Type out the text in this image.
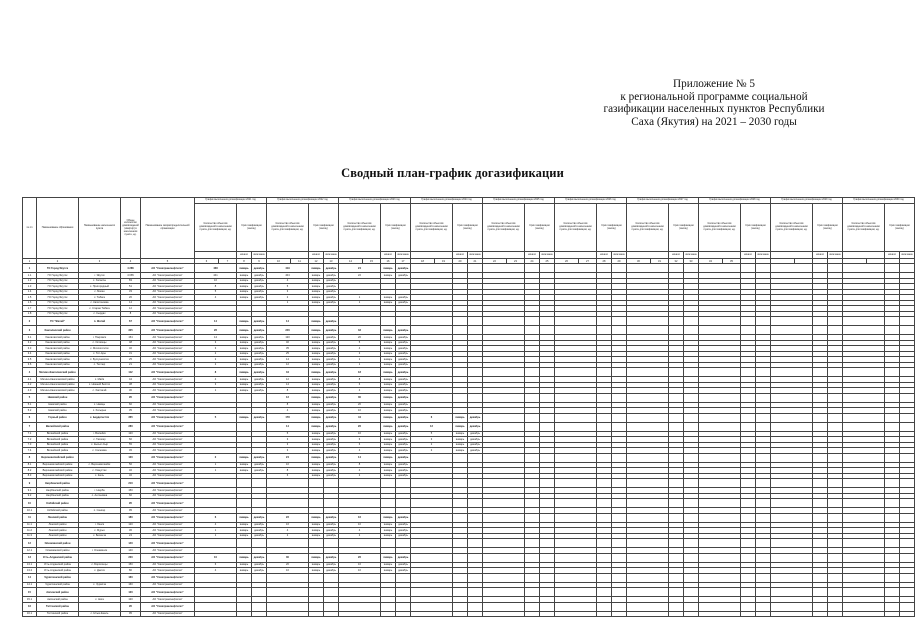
Приложение № 5
к региональной программе социальной
газификации населенных пунктов Республики
Саха (Якутия) на 2021 – 2030 годы
Сводный план-график догазификации
№ пп	Наименование образования	Наименование населенного пункта	Общее количество домовладений (квартир) в населенном пункте, ед.	Наименование газораспределительной организации	График выполнения догазификации 2021 год				График выполнения догазификации 2022 год				График выполнения догазификации 2023 год				График выполнения догазификации 2024 год				График выполнения догазификации 2025 год				График выполнения догазификации 2026 год				График выполнения догазификации 2027 год				График выполнения догазификации 2028 год				График выполнения догазификации 2029 год				График выполнения догазификации 2030 год			
					Количество объектов домовладений в населенном пункте для газификации, ед.		Срок газификации (месяц)		Количество объектов домовладений в населенном пункте для газификации, ед.		Срок газификации (месяц)		Количество объектов домовладений в населенном пункте для газификации, ед.		Срок газификации (месяц)		Количество объектов домовладений в населенном пункте для газификации, ед.		Срок газификации (месяц)		Количество объектов домовладений в населенном пункте для газификации, ед.		Срок газификации (месяц)		Количество объектов домовладений в населенном пункте для газификации, ед.		Срок газификации (месяц)		Количество объектов домовладений в населенном пункте для газификации, ед.		Срок газификации (месяц)		Количество объектов домовладений в населенном пункте для газификации, ед.		Срок газификации (месяц)		Количество объектов домовладений в населенном пункте для газификации, ед.		Срок газификации (месяц)		Количество объектов домовладений в населенном пункте для газификации, ед.		Срок газификации (месяц)	
							начало	окончание			начало	окончание			начало	окончание			начало	окончание			начало	окончание			начало	окончание			начало	окончание			начало	окончание			начало	окончание			начало	окончание
1	2	3	4	5	6	7	8	9	10	11	12	13	14	15	16	17	18	19	20	21	22	23	24	25	26	27	28	29	30	31	32	33	34	35										
1	ГО Город Якутск		4 286	АО "Сахатранснефтегаз"	468		январь	декабрь	419		январь	декабрь	24		январь	декабрь																												
1.1	ГО Город Якутск	г. Якутск	4 065	АО "Сахатранснефтегаз"	441		январь	декабрь	404		январь	декабрь	22		январь	декабрь																												
1.2	ГО Город Якутск	с. Хатассы	83	АО "Сахатранснефтегаз"	10		январь	декабрь	4		январь	декабрь																																
1.3	ГО Город Якутск	с. Пригородный	51	АО "Сахатранснефтегаз"	8		январь	декабрь	5		январь	декабрь																																
1.4	ГО Город Якутск	с. Маган	33	АО "Сахатранснефтегаз"	5		январь	декабрь	3		январь	декабрь																																
1.5	ГО Город Якутск	с. Табага	20	АО "Сахатранснефтегаз"	4		январь	декабрь	2		январь	декабрь	1		январь	декабрь																												
1.6	ГО Город Якутск	с. Капитоновка	14	АО "Сахатранснефтегаз"					1		январь	декабрь	1		январь	декабрь																												
1.7	ГО Город Якутск	с. Старая Табага	12	АО "Сахатранснефтегаз"																																								
1.8	ГО Город Якутск	с. Сырдах	8	АО "Сахатранснефтегаз"																																								
2	ГО "Жатай"	п. Жатай	67	АО "Сахатранснефтегаз"	14		январь	декабрь	14		январь	декабрь																																
3	Хангаласский район		325	АО "Сахатранснефтегаз"	26		январь	декабрь	246		январь	декабрь	33		январь	декабрь																												
3.1	Хангаласский район	г. Покровск	154	АО "Сахатранснефтегаз"	14		январь	декабрь	120		январь	декабрь	20		январь	декабрь																												
3.2	Хангаласский район	с. Октемцы	48	АО "Сахатранснефтегаз"	3		январь	декабрь	40		январь	декабрь	5		январь	декабрь																												
3.3	Хангаласский район	с. Мохсоголлох	46	АО "Сахатранснефтегаз"	3		январь	декабрь	35		январь	декабрь	4		январь	декабрь																												
3.4	Хангаласский район	с. Тит-Ары	31	АО "Сахатранснефтегаз"	2		январь	декабрь	25		январь	декабрь	2		январь	декабрь																												
3.5	Хангаласский район	с. Булгунняхтах	25	АО "Сахатранснефтегаз"	2		январь	декабрь	14		январь	декабрь	1		январь	декабрь																												
3.6	Хангаласский район	с. Техтюр	21	АО "Сахатранснефтегаз"	2		январь	декабрь	12		январь	декабрь	1		январь	декабрь																												
4	Мегино-Кангаласский район		112	АО "Сахатранснефтегаз"	8		январь	декабрь	34		январь	декабрь	18		январь	декабрь																												
4.1	Мегино-Кангаласский район	с. Майя	44	АО "Сахатранснефтегаз"	4		январь	декабрь	12		январь	декабрь	8		январь	декабрь																												
4.2	Мегино-Кангаласский район	с. Нижний Бестях	38	АО "Сахатранснефтегаз"	3		январь	декабрь	14		январь	декабрь	6		январь	декабрь																												
4.3	Мегино-Кангаласский район	с. Хаптагай	30	АО "Сахатранснефтегаз"	1		январь	декабрь	8		январь	декабрь	4		январь	декабрь																												
5	Намский район		95	АО "Сахатранснефтегаз"					12		январь	декабрь	30		январь	декабрь																												
5.1	Намский район	с. Намцы	60	АО "Сахатранснефтегаз"					8		январь	декабрь	20		январь	декабрь																												
5.2	Намский район	с. Хатырык	35	АО "Сахатранснефтегаз"					4		январь	декабрь	10		январь	декабрь																												
6	Горный район	с. Бердигестях	365	АО "Сахатранснефтегаз"	5		январь	декабрь	178		январь	декабрь	44		январь	декабрь	6		январь	декабрь																								
7	Вилюйский район		280	АО "Сахатранснефтегаз"					14		январь	декабрь	26		январь	декабрь	12		январь	декабрь																								
7.1	Вилюйский район	г. Вилюйск	120	АО "Сахатранснефтегаз"					5		январь	декабрь	10		январь	декабрь	5		январь	декабрь																								
7.2	Вилюйский район	с. Тасагар	60	АО "Сахатранснефтегаз"					3		январь	декабрь	6		январь	декабрь	3		январь	декабрь																								
7.3	Вилюйский район	с. Кысыл-Сыр	55	АО "Сахатранснефтегаз"					3		январь	декабрь	6		январь	декабрь	2		январь	декабрь																								
7.4	Вилюйский район	с. Сосновка	45	АО "Сахатранснефтегаз"					3		январь	декабрь	4		январь	декабрь	2		январь	декабрь																								
8	Верхневилюйский район		120	АО "Сахатранснефтегаз"	2		январь	декабрь	24		январь	декабрь	14		январь	декабрь																												
8.1	Верхневилюйский район	с. Верхневилюйск	56	АО "Сахатранснефтегаз"	1		январь	декабрь	10		январь	декабрь	8		январь	декабрь																												
8.2	Верхневилюйский район	с. Хомустах	32	АО "Сахатранснефтегаз"	1		январь	декабрь	8		январь	декабрь	4		январь	декабрь																												
8.3	Верхневилюйский район	с. Кюль	32	АО "Сахатранснефтегаз"					6		январь	декабрь	2		январь	декабрь																												
9	Нюрбинский район		210	АО "Сахатранснефтегаз"																																								
9.1	Нюрбинский район	г. Нюрба	150	АО "Сахатранснефтегаз"																																								
9.2	Нюрбинский район	с. Антоновка	60	АО "Сахатранснефтегаз"																																								
10	Кобяйский район		95	АО "Сахатранснефтегаз"																																								
10.1	Кобяйский район	п. Сангар	95	АО "Сахатранснефтегаз"																																								
11	Ленский район		180	АО "Сахатранснефтегаз"	6		январь	декабрь	22		январь	декабрь	16		январь	декабрь																												
11.1	Ленский район	г. Ленск	120	АО "Сахатранснефтегаз"	4		январь	декабрь	16		январь	декабрь	10		январь	декабрь																												
11.2	Ленский район	с. Мурья	36	АО "Сахатранснефтегаз"	1		январь	декабрь	4		январь	декабрь	4		январь	декабрь																												
11.3	Ленский район	с. Беченча	24	АО "Сахатранснефтегаз"	1		январь	декабрь	2		январь	декабрь	2		январь	декабрь																												
12	Олекминский район		140	АО "Сахатранснефтегаз"																																								
12.1	Олекминский район	г. Олекминск	140	АО "Сахатранснефтегаз"																																								
13	Усть-Алданский район		230	АО "Сахатранснефтегаз"	10		январь	декабрь	30		январь	декабрь	26		январь	декабрь																												
13.1	Усть-Алданский район	с. Борогонцы	150	АО "Сахатранснефтегаз"	6		январь	декабрь	20		январь	декабрь	16		январь	декабрь																												
13.2	Усть-Алданский район	с. Дюпся	80	АО "Сахатранснефтегаз"	4		январь	декабрь	10		январь	декабрь	10		январь	декабрь																												
14	Чурапчинский район		160	АО "Сахатранснефтегаз"																																								
14.1	Чурапчинский район	с. Чурапча	160	АО "Сахатранснефтегаз"																																								
15	Амгинский район		120	АО "Сахатранснефтегаз"																																								
15.1	Амгинский район	с. Амга	120	АО "Сахатранснефтегаз"																																								
16	Таттинский район		95	АО "Сахатранснефтегаз"																																								
16.1	Таттинский район	с. Ытык-Кюель	95	АО "Сахатранснефтегаз"																																								
